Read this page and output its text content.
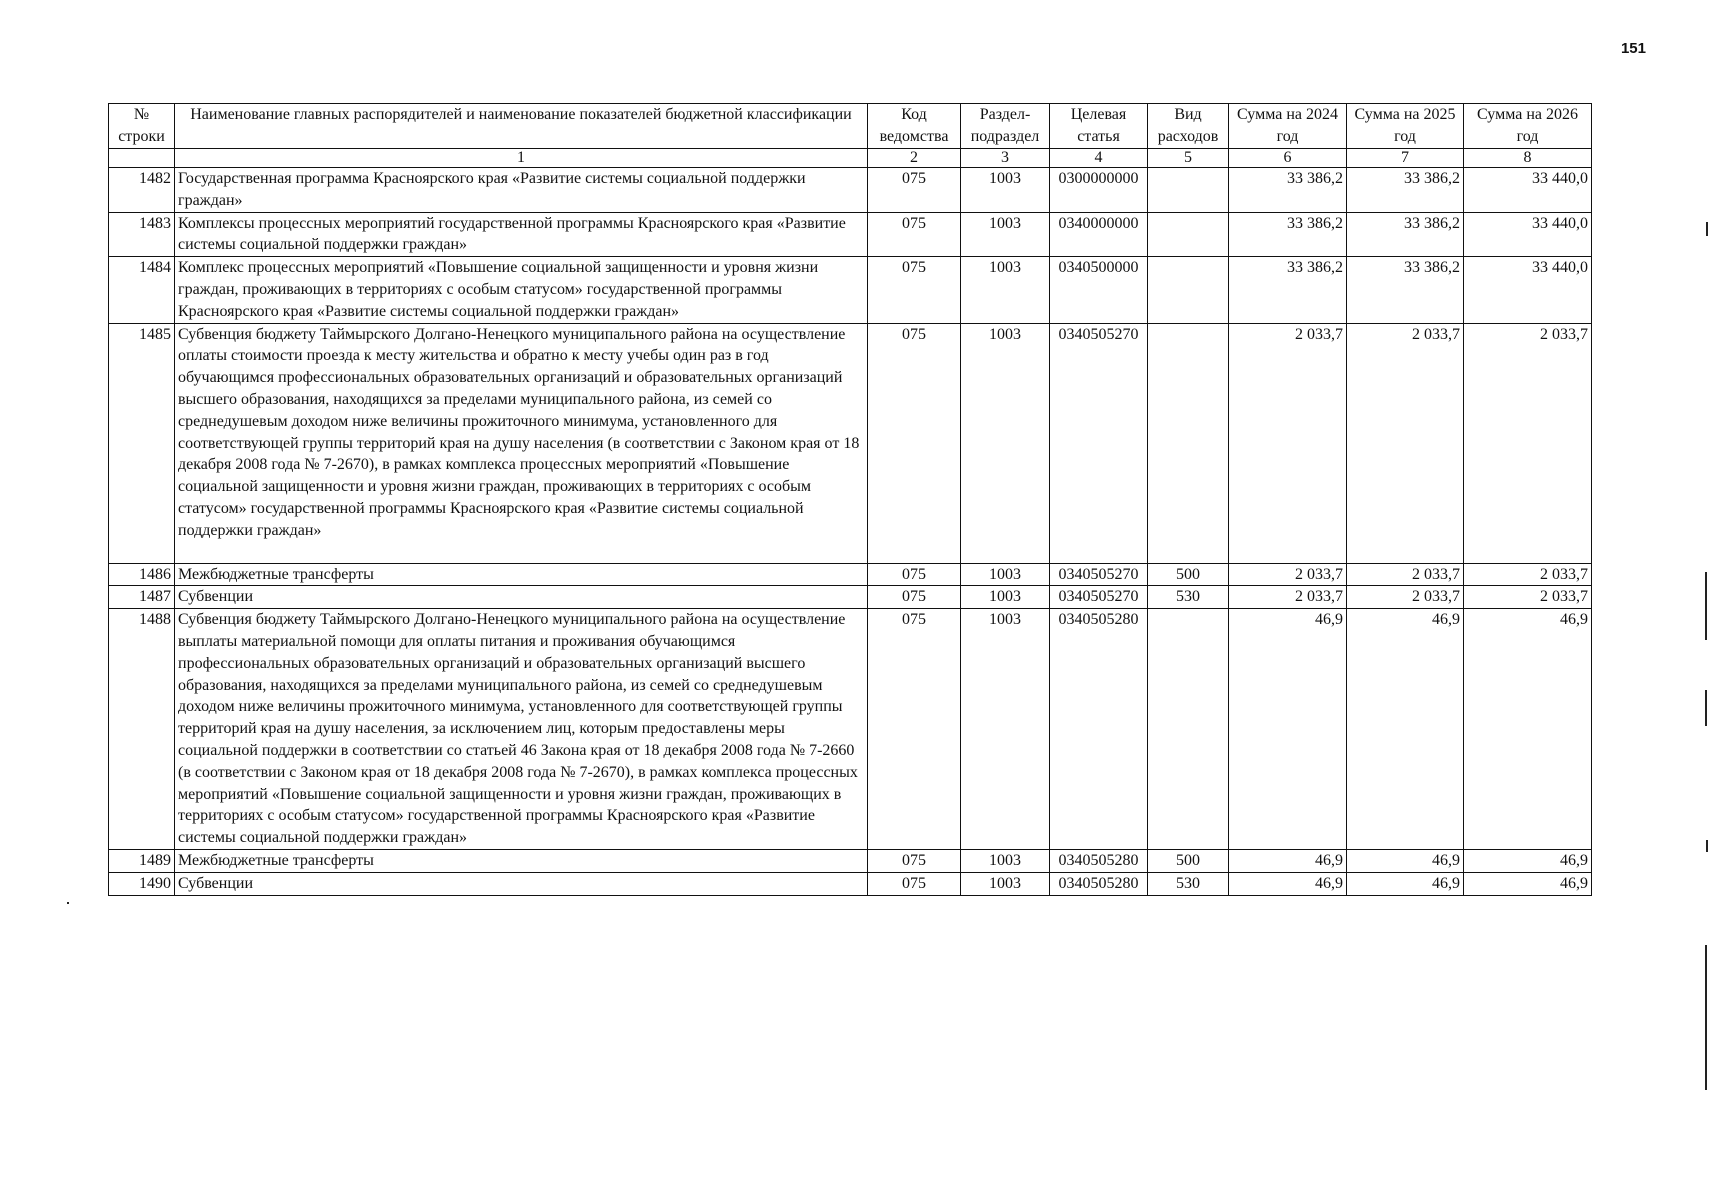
151
№ строки	Наименование главных распорядителей и наименование показателей бюджетной классификации	Код ведомства	Раздел-подраздел	Целевая статья	Вид расходов	Сумма на 2024 год	Сумма на 2025 год	Сумма на 2026 год
	1	2	3	4	5	6	7	8
1482	Государственная программа Красноярского края «Развитие системы социальной поддержки граждан»	075	1003	0300000000		33 386,2	33 386,2	33 440,0
1483	Комплексы процессных мероприятий государственной программы Красноярского края «Развитие системы социальной поддержки граждан»	075	1003	0340000000		33 386,2	33 386,2	33 440,0
1484	Комплекс процессных мероприятий «Повышение социальной защищенности и уровня жизни граждан, проживающих в территориях с особым статусом» государственной программы Красноярского края «Развитие системы социальной поддержки граждан»	075	1003	0340500000		33 386,2	33 386,2	33 440,0
1485	Субвенция бюджету Таймырского Долгано-Ненецкого муниципального района на осуществление оплаты стоимости проезда к месту жительства и обратно к месту учебы один раз в год обучающимся профессиональных образовательных организаций и образовательных организаций высшего образования, находящихся за пределами муниципального района, из семей со среднедушевым доходом ниже величины прожиточного минимума, установленного для соответствующей группы территорий края на душу населения (в соответствии с Законом края от 18 декабря 2008 года № 7-2670), в рамках комплекса процессных мероприятий «Повышение социальной защищенности и уровня жизни граждан, проживающих в территориях с особым статусом» государственной программы Красноярского края «Развитие системы социальной поддержки граждан»	075	1003	0340505270		2 033,7	2 033,7	2 033,7
1486	Межбюджетные трансферты	075	1003	0340505270	500	2 033,7	2 033,7	2 033,7
1487	Субвенции	075	1003	0340505270	530	2 033,7	2 033,7	2 033,7
1488	Субвенция бюджету Таймырского Долгано-Ненецкого муниципального района на осуществление выплаты материальной помощи для оплаты питания и проживания обучающимся профессиональных образовательных организаций и образовательных организаций высшего образования, находящихся за пределами муниципального района, из семей со среднедушевым доходом ниже величины прожиточного минимума, установленного для соответствующей группы территорий края на душу населения, за исключением лиц, которым предоставлены меры социальной поддержки в соответствии со статьей 46 Закона края от 18 декабря 2008 года № 7-2660 (в соответствии с Законом края от 18 декабря 2008 года № 7-2670), в рамках комплекса процессных мероприятий «Повышение социальной защищенности и уровня жизни граждан, проживающих в территориях с особым статусом» государственной программы Красноярского края «Развитие системы социальной поддержки граждан»	075	1003	0340505280		46,9	46,9	46,9
1489	Межбюджетные трансферты	075	1003	0340505280	500	46,9	46,9	46,9
1490	Субвенции	075	1003	0340505280	530	46,9	46,9	46,9
